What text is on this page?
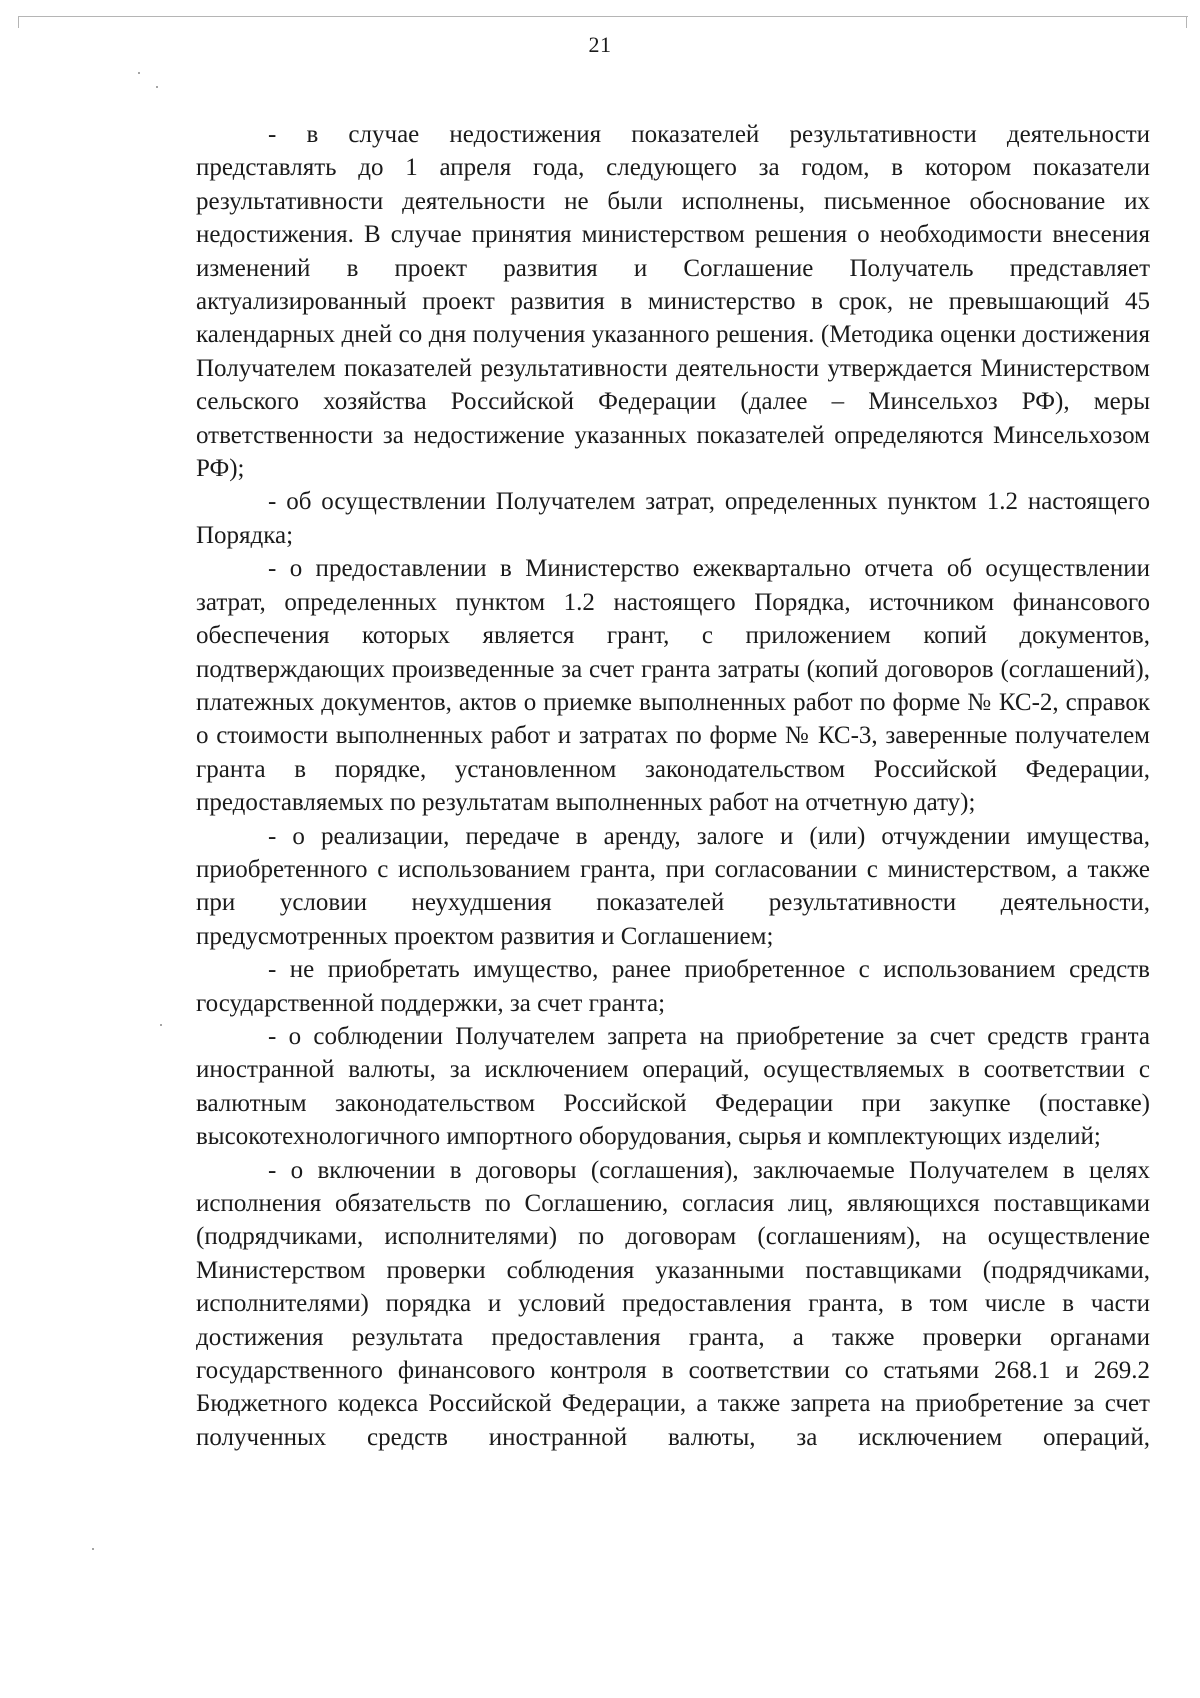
21

- в случае недостижения показателей результативности деятельности представлять до 1 апреля года, следующего за годом, в котором показатели результативности деятельности не были исполнены, письменное обоснование их недостижения. В случае принятия министерством решения о необходимости внесения изменений в проект развития и Соглашение Получатель представляет актуализированный проект развития в министерство в срок, не превышающий 45 календарных дней со дня получения указанного решения. (Методика оценки достижения Получателем показателей результативности деятельности утверждается Министерством сельского хозяйства Российской Федерации (далее – Минсельхоз РФ), меры ответственности за недостижение указанных показателей определяются Минсельхозом РФ);

- об осуществлении Получателем затрат, определенных пунктом 1.2 настоящего Порядка;

- о предоставлении в Министерство ежеквартально отчета об осуществлении затрат, определенных пунктом 1.2 настоящего Порядка, источником финансового обеспечения которых является грант, с приложением копий документов, подтверждающих произведенные за счет гранта затраты (копий договоров (соглашений), платежных документов, актов о приемке выполненных работ по форме № КС-2, справок о стоимости выполненных работ и затратах по форме № КС-3, заверенные получателем гранта в порядке, установленном законодательством Российской Федерации, предоставляемых по результатам выполненных работ на отчетную дату);

- о реализации, передаче в аренду, залоге и (или) отчуждении имущества, приобретенного с использованием гранта, при согласовании с министерством, а также при условии неухудшения показателей результативности деятельности, предусмотренных проектом развития и Соглашением;

- не приобретать имущество, ранее приобретенное с использованием средств государственной поддержки, за счет гранта;

- о соблюдении Получателем запрета на приобретение за счет средств гранта иностранной валюты, за исключением операций, осуществляемых в соответствии с валютным законодательством Российской Федерации при закупке (поставке) высокотехнологичного импортного оборудования, сырья и комплектующих изделий;

- о включении в договоры (соглашения), заключаемые Получателем в целях исполнения обязательств по Соглашению, согласия лиц, являющихся поставщиками (подрядчиками, исполнителями) по договорам (соглашениям), на осуществление Министерством проверки соблюдения указанными поставщиками (подрядчиками, исполнителями) порядка и условий предоставления гранта, в том числе в части достижения результата предоставления гранта, а также проверки органами государственного финансового контроля в соответствии со статьями 268.1 и 269.2 Бюджетного кодекса Российской Федерации, а также запрета на приобретение за счет полученных средств иностранной валюты, за исключением операций,
